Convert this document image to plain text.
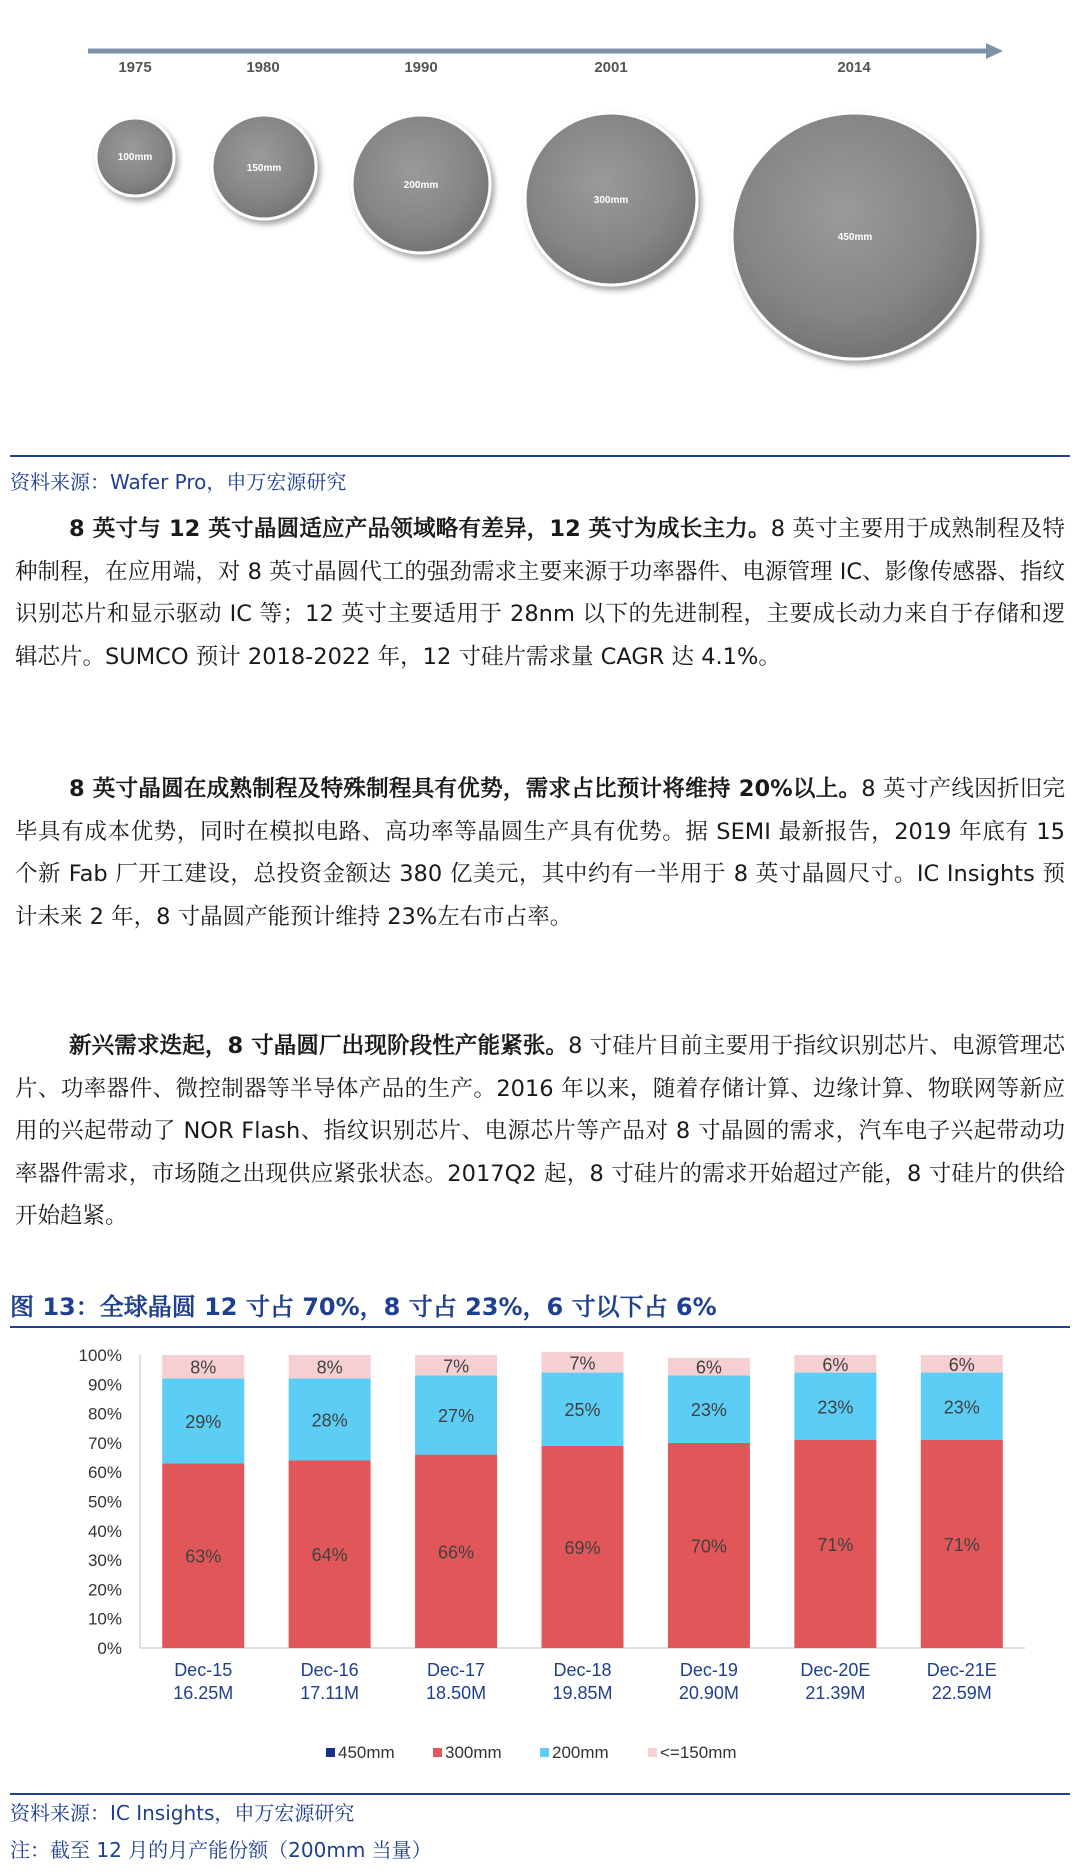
1975	1980	1990	2001	2014
100mm
150mm
200mm
300mm
450mm
资料来源：Wafer Pro，申万宏源研究

8 英寸与 12 英寸晶圆适应产品领域略有差异，12 英寸为成长主力。8 英寸主要用于成熟制程及特种制程，在应用端，对 8 英寸晶圆代工的强劲需求主要来源于功率器件、电源管理 IC、影像传感器、指纹识别芯片和显示驱动 IC 等；12 英寸主要适用于 28nm 以下的先进制程，主要成长动力来自于存储和逻辑芯片。SUMCO 预计 2018-2022 年，12 寸硅片需求量 CAGR 达 4.1%。

8 英寸晶圆在成熟制程及特殊制程具有优势，需求占比预计将维持 20%以上。8 英寸产线因折旧完毕具有成本优势，同时在模拟电路、高功率等晶圆生产具有优势。据 SEMI 最新报告，2019 年底有 15 个新 Fab 厂开工建设，总投资金额达 380 亿美元，其中约有一半用于 8 英寸晶圆尺寸。IC Insights 预计未来 2 年，8 寸晶圆产能预计维持 23%左右市占率。

新兴需求迭起，8 寸晶圆厂出现阶段性产能紧张。8 寸硅片目前主要用于指纹识别芯片、电源管理芯片、功率器件、微控制器等半导体产品的生产。2016 年以来，随着存储计算、边缘计算、物联网等新应用的兴起带动了 NOR Flash、指纹识别芯片、电源芯片等产品对 8 寸晶圆的需求，汽车电子兴起带动功率器件需求，市场随之出现供应紧张状态。2017Q2 起，8 寸硅片的需求开始超过产能，8 寸硅片的供给开始趋紧。

图 13：全球晶圆 12 寸占 70%，8 寸占 23%，6 寸以下占 6%
0%
10%
20%
30%
40%
50%
60%
70%
80%
90%
100%
63%
29%
8%
Dec-15
16.25M
64%
28%
8%
Dec-16
17.11M
66%
27%
7%
Dec-17
18.50M
69%
25%
7%
Dec-18
19.85M
70%
23%
6%
Dec-19
20.90M
71%
23%
6%
Dec-20E
21.39M
71%
23%
6%
Dec-21E
22.59M
450mm	300mm	200mm	<=150mm
资料来源：IC Insights，申万宏源研究
注：截至 12 月的月产能份额（200mm 当量）
